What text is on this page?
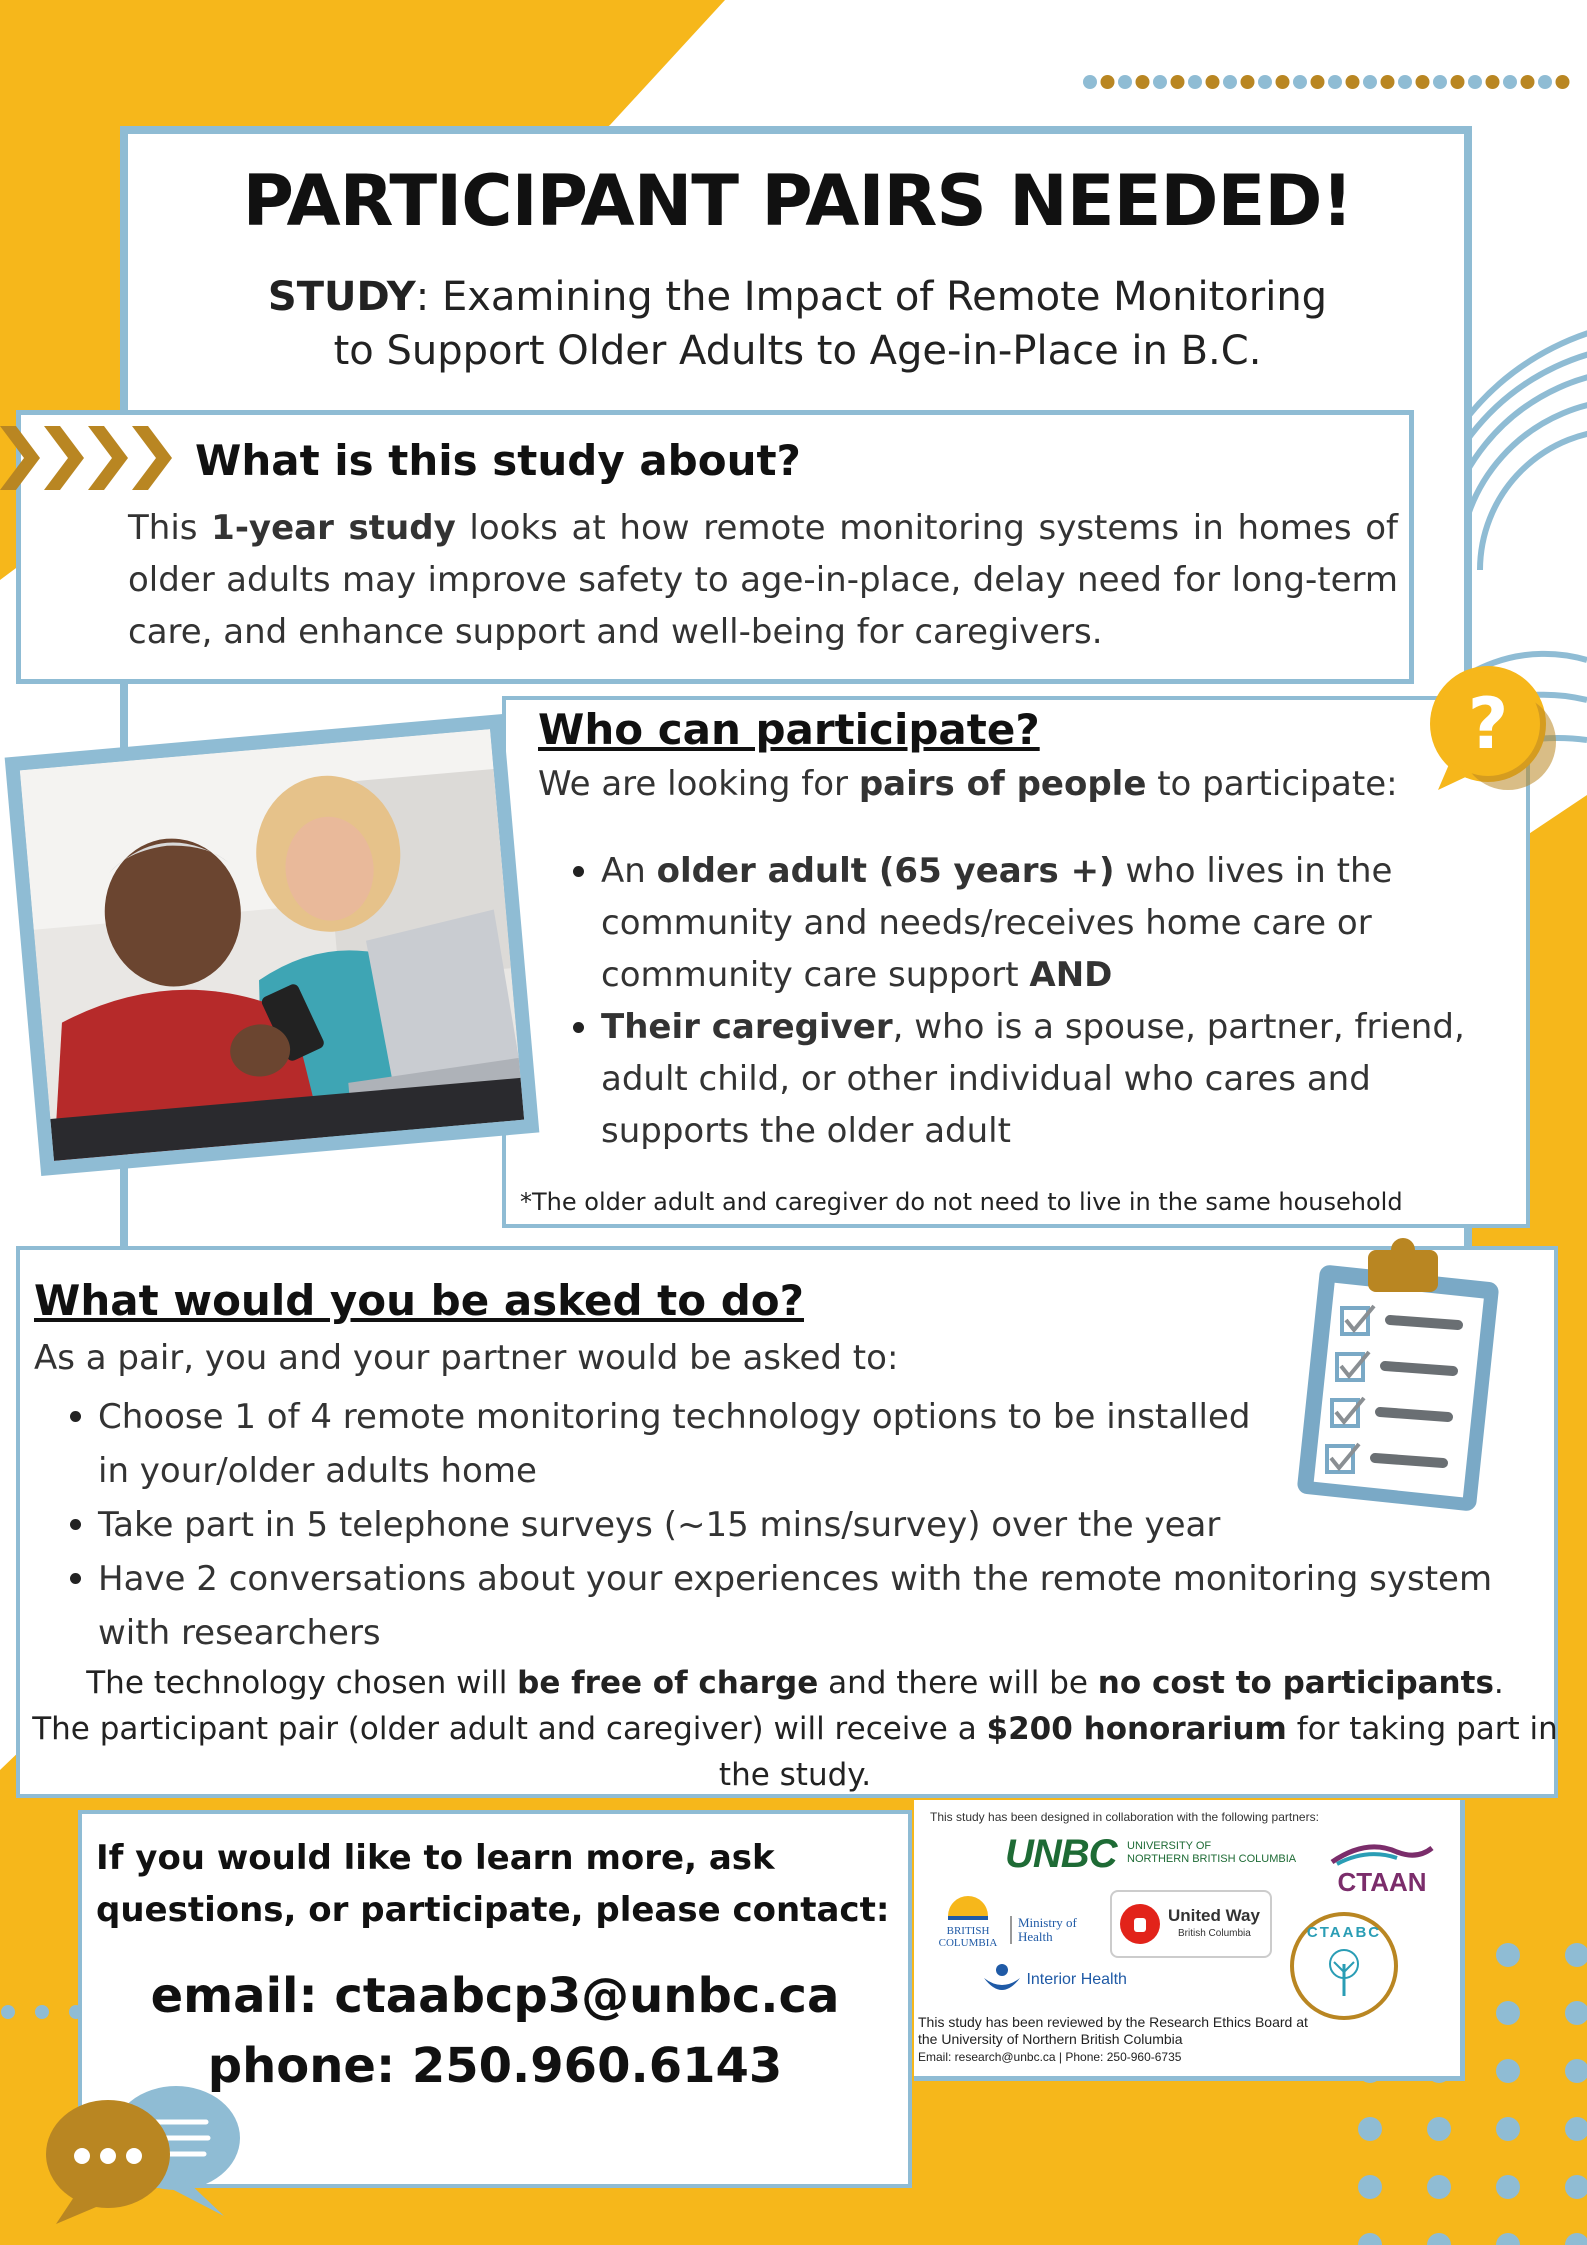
PARTICIPANT PAIRS NEEDED!
STUDY: Examining the Impact of Remote Monitoring
to Support Older Adults to Age-in-Place in B.C.
What is this study about?
This 1-year study looks at how remote monitoring systems in homes of older adults may improve safety to age-in-place, delay need for long-term care, and enhance support and well-being for caregivers.
?
Who can participate?
We are looking for pairs of people to participate:
An older adult (65 years +) who lives in the community and needs/receives home care or community care support AND
Their caregiver, who is a spouse, partner, friend, adult child, or other individual who cares and supports the older adult
*The older adult and caregiver do not need to live in the same household
What would you be asked to do?
As a pair, you and your partner would be asked to:
Choose 1 of 4 remote monitoring technology options to be installed in your/older adults home
Take part in 5 telephone surveys (~15 mins/survey) over the year
Have 2 conversations about your experiences with the remote monitoring system with researchers
The technology chosen will be free of charge and there will be no cost to participants.
The participant pair (older adult and caregiver) will receive a $200 honorarium for taking part in the study.
If you would like to learn more, ask questions, or participate, please contact:
email: ctaabcp3@unbc.ca
phone: 250.960.6143
This study has been designed in collaboration with the following partners:
UNBC UNIVERSITY OF
NORTHERN BRITISH COLUMBIA
CTAAN
BRITISH
COLUMBIA
Ministry of
Health
United Way
British Columbia	CTAABC
Interior Health
This study has been reviewed by the Research Ethics Board at
the University of Northern British Columbia
Email: research@unbc.ca | Phone: 250-960-6735
